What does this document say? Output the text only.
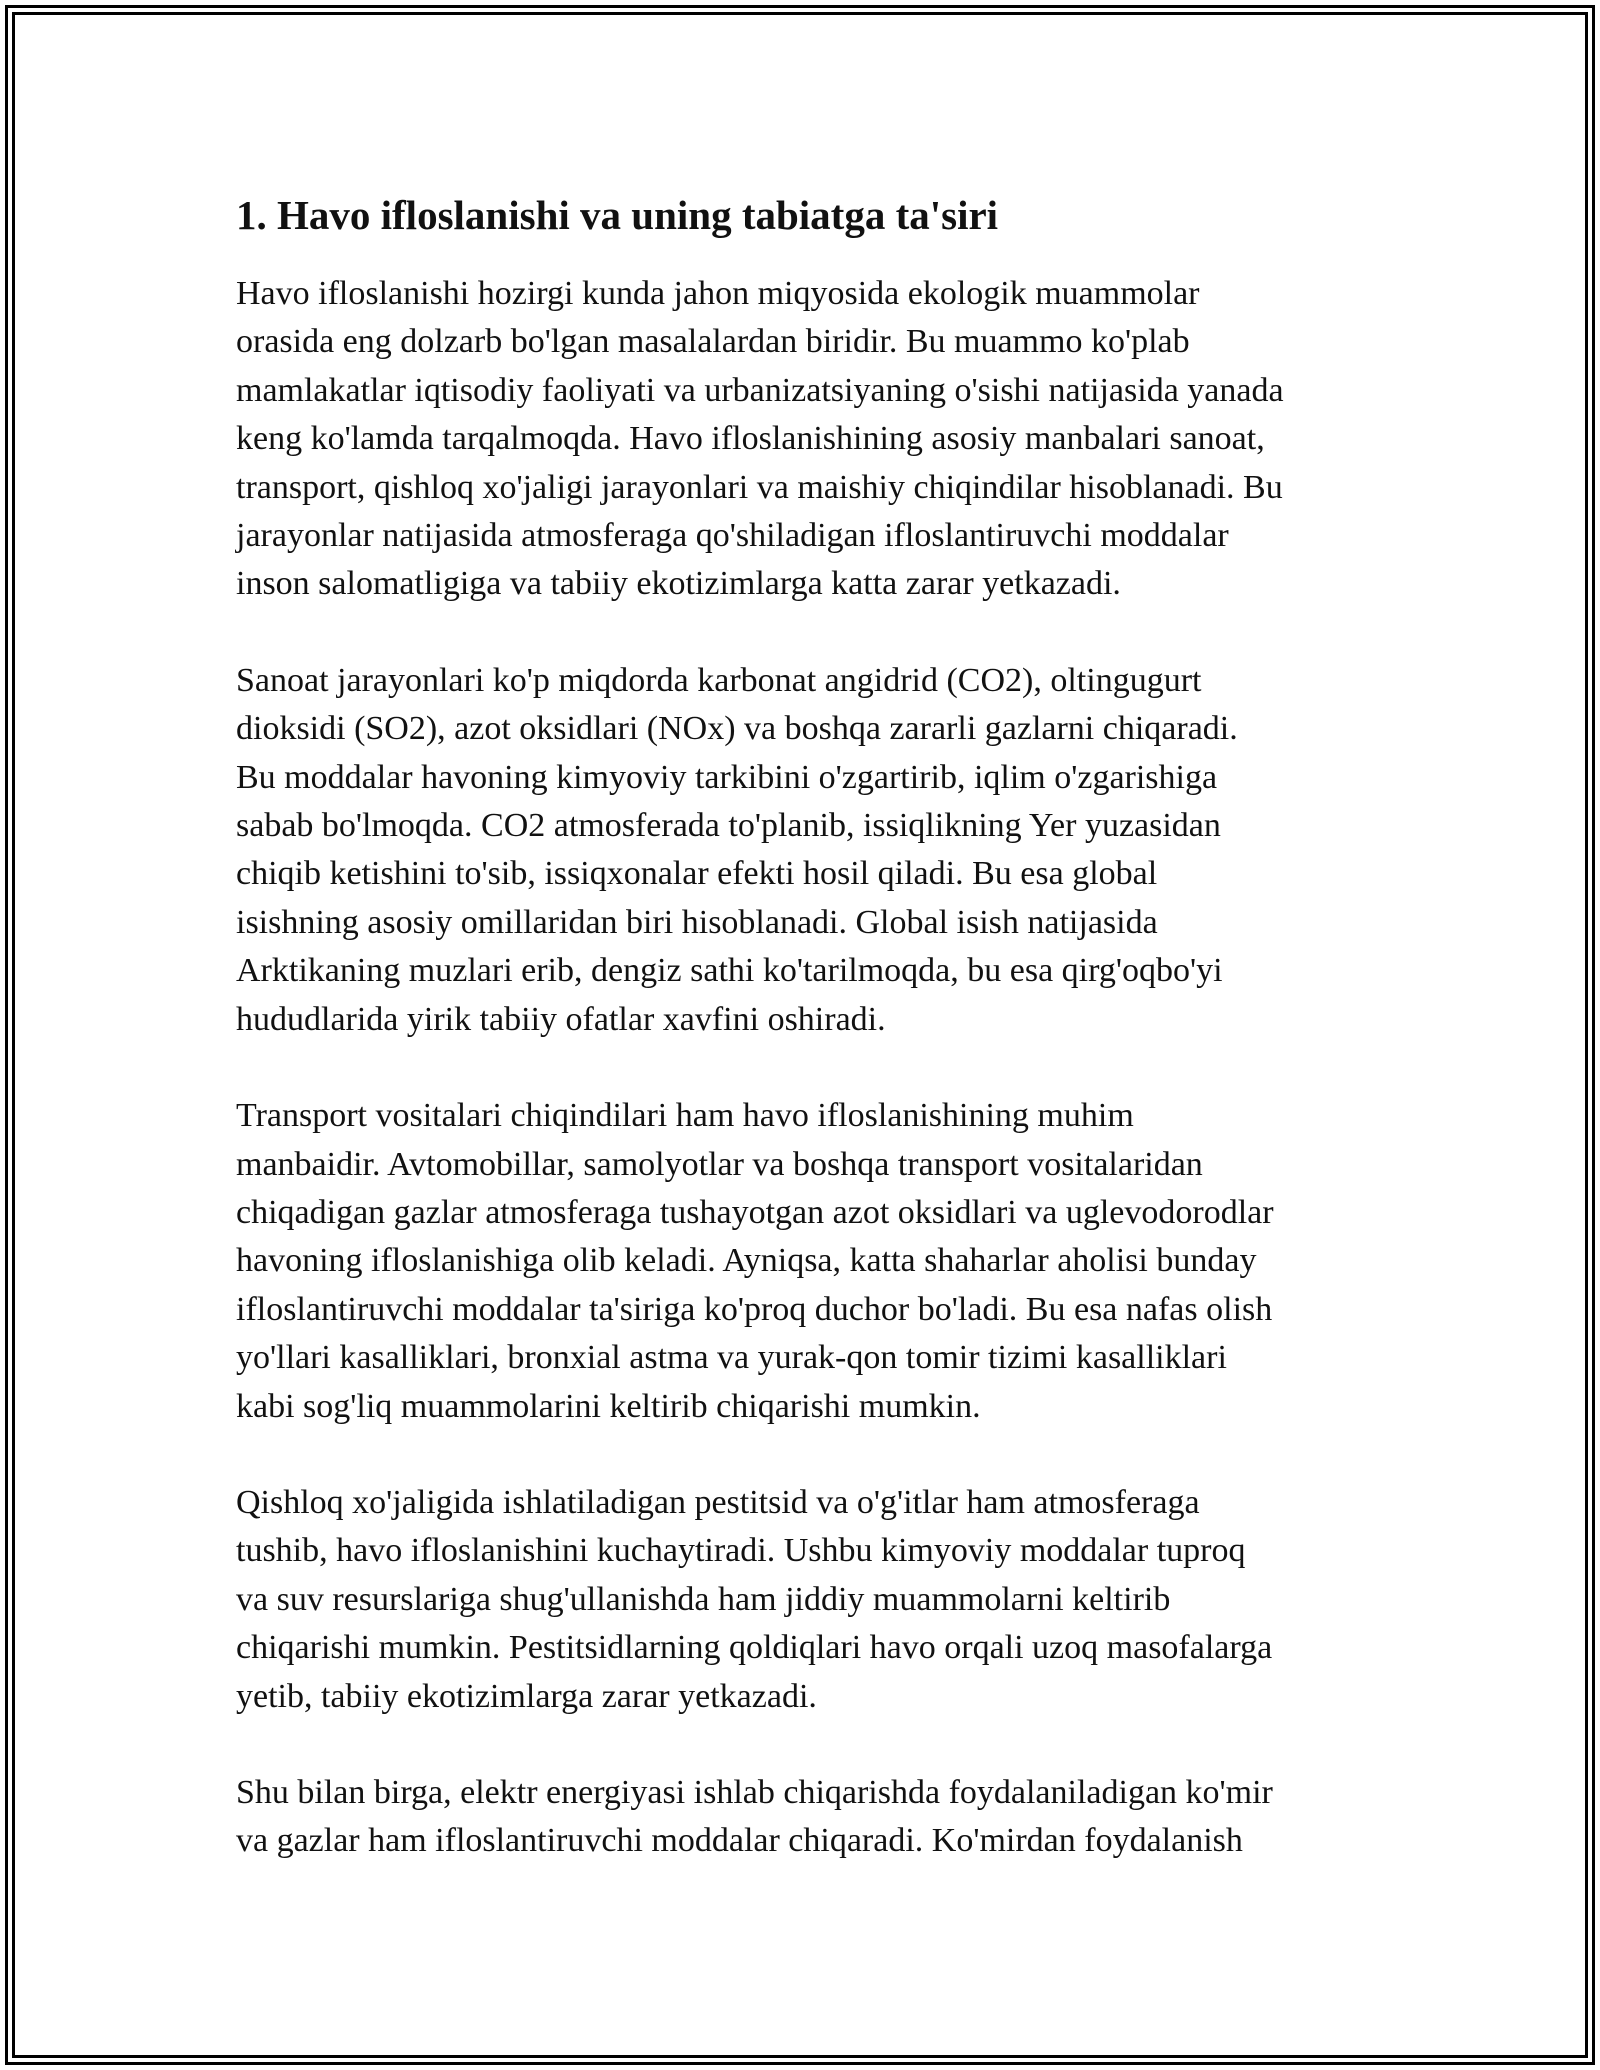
1. Havo ifloslanishi va uning tabiatga ta'siri

Havo ifloslanishi hozirgi kunda jahon miqyosida ekologik muammolar
orasida eng dolzarb bo'lgan masalalardan biridir. Bu muammo ko'plab
mamlakatlar iqtisodiy faoliyati va urbanizatsiyaning o'sishi natijasida yanada
keng ko'lamda tarqalmoqda. Havo ifloslanishining asosiy manbalari sanoat,
transport, qishloq xo'jaligi jarayonlari va maishiy chiqindilar hisoblanadi. Bu
jarayonlar natijasida atmosferaga qo'shiladigan ifloslantiruvchi moddalar
inson salomatligiga va tabiiy ekotizimlarga katta zarar yetkazadi.

Sanoat jarayonlari ko'p miqdorda karbonat angidrid (CO2), oltingugurt
dioksidi (SO2), azot oksidlari (NOx) va boshqa zararli gazlarni chiqaradi.
Bu moddalar havoning kimyoviy tarkibini o'zgartirib, iqlim o'zgarishiga
sabab bo'lmoqda. CO2 atmosferada to'planib, issiqlikning Yer yuzasidan
chiqib ketishini to'sib, issiqxonalar efekti hosil qiladi. Bu esa global
isishning asosiy omillaridan biri hisoblanadi. Global isish natijasida
Arktikaning muzlari erib, dengiz sathi ko'tarilmoqda, bu esa qirg'oqbo'yi
hududlarida yirik tabiiy ofatlar xavfini oshiradi.

Transport vositalari chiqindilari ham havo ifloslanishining muhim
manbaidir. Avtomobillar, samolyotlar va boshqa transport vositalaridan
chiqadigan gazlar atmosferaga tushayotgan azot oksidlari va uglevodorodlar
havoning ifloslanishiga olib keladi. Ayniqsa, katta shaharlar aholisi bunday
ifloslantiruvchi moddalar ta'siriga ko'proq duchor bo'ladi. Bu esa nafas olish
yo'llari kasalliklari, bronxial astma va yurak-qon tomir tizimi kasalliklari
kabi sog'liq muammolarini keltirib chiqarishi mumkin.

Qishloq xo'jaligida ishlatiladigan pestitsid va o'g'itlar ham atmosferaga
tushib, havo ifloslanishini kuchaytiradi. Ushbu kimyoviy moddalar tuproq
va suv resurslariga shug'ullanishda ham jiddiy muammolarni keltirib
chiqarishi mumkin. Pestitsidlarning qoldiqlari havo orqali uzoq masofalarga
yetib, tabiiy ekotizimlarga zarar yetkazadi.

Shu bilan birga, elektr energiyasi ishlab chiqarishda foydalaniladigan ko'mir
va gazlar ham ifloslantiruvchi moddalar chiqaradi. Ko'mirdan foydalanish
